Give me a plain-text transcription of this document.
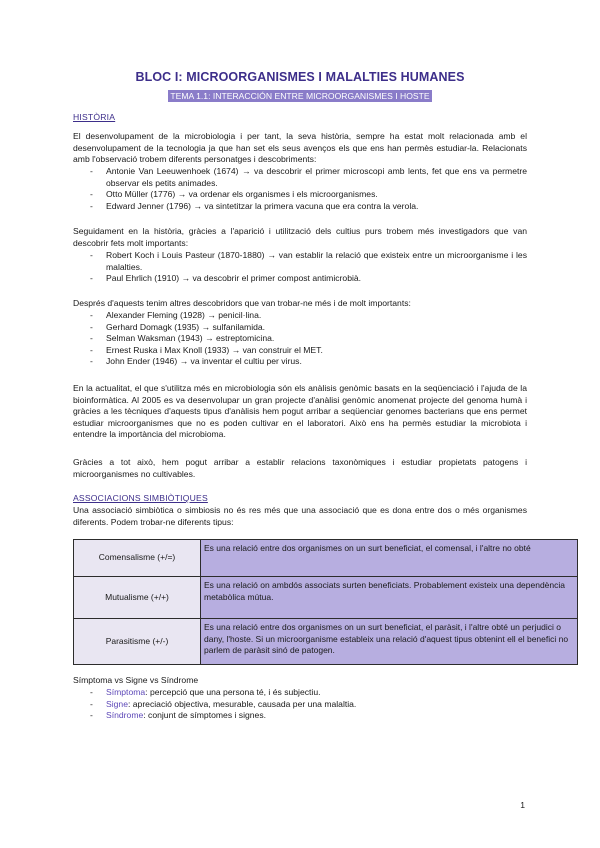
BLOC I: MICROORGANISMES I MALALTIES HUMANES
TEMA 1.1: INTERACCIÓN ENTRE MICROORGANISMES I HOSTE
HISTÒRIA
El desenvolupament de la microbiologia i per tant, la seva història, sempre ha estat molt relacionada amb el desenvolupament de la tecnologia ja que han set els seus avenços els que ens han permès estudiar-la. Relacionats amb l'observació trobem diferents personatges i descobriments:
- Antonie Van Leeuwenhoek (1674) → va descobrir el primer microscopi amb lents, fet que ens va permetre observar els petits animades.
- Otto Müller (1776) → va ordenar els organismes i els microorganismes.
- Edward Jenner (1796) → va sintetitzar la primera vacuna que era contra la verola.
Seguidament en la història, gràcies a l'aparició i utilització dels cultius purs trobem més investigadors que van descobrir fets molt importants:
- Robert Koch i Louis Pasteur (1870-1880) → van establir la relació que existeix entre un microorganisme i les malalties.
- Paul Ehrlich (1910) → va descobrir el primer compost antimicrobià.
Després d'aquests tenim altres descobridors que van trobar-ne més i de molt importants:
- Alexander Fleming (1928) → penicil·lina.
- Gerhard Domagk (1935) → sulfanilamida.
- Selman Waksman (1943) → estreptomicina.
- Ernest Ruska i Max Knoll (1933) → van construir el MET.
- John Ender (1946) → va inventar el cultiu per virus.
En la actualitat, el que s'utilitza més en microbiologia són els anàlisis genòmic basats en la seqüenciació i l'ajuda de la bioinformàtica. Al 2005 es va desenvolupar un gran projecte d'anàlisi genòmic anomenat projecte del genoma humà i gràcies a les tècniques d'aquests tipus d'anàlisis hem pogut arribar a seqüenciar genomes bacterians que ens permet estudiar microorganismes que no es poden cultivar en el laboratori. Això ens ha permès estudiar la microbiota i entendre la importància del microbioma.
Gràcies a tot això, hem pogut arribar a establir relacions taxonòmiques i estudiar propietats patogens i microorganismes no cultivables.
ASSOCIACIONS SIMBIÒTIQUES
Una associació simbiòtica o simbiosis no és res més que una associació que es dona entre dos o més organismes diferents. Podem trobar-ne diferents tipus:
Comensalisme (+/=)	Es una relació entre dos organismes on un surt beneficiat, el comensal, i l'altre no obté
Mutualisme (+/+)	Es una relació on ambdós associats surten beneficiats. Probablement existeix una dependència metabòlica mútua.
Parasitisme (+/-)	Es una relació entre dos organismes on un surt beneficiat, el paràsit, i l'altre obté un perjudici o dany, l'hoste. Si un microorganisme estableix una relació d'aquest tipus obtenint ell el benefici no parlem de paràsit sinó de patogen.
Símptoma vs Signe vs Síndrome
- Símptoma: percepció que una persona té, i és subjectiu.
- Signe: apreciació objectiva, mesurable, causada per una malaltia.
- Síndrome: conjunt de símptomes i signes.
1
